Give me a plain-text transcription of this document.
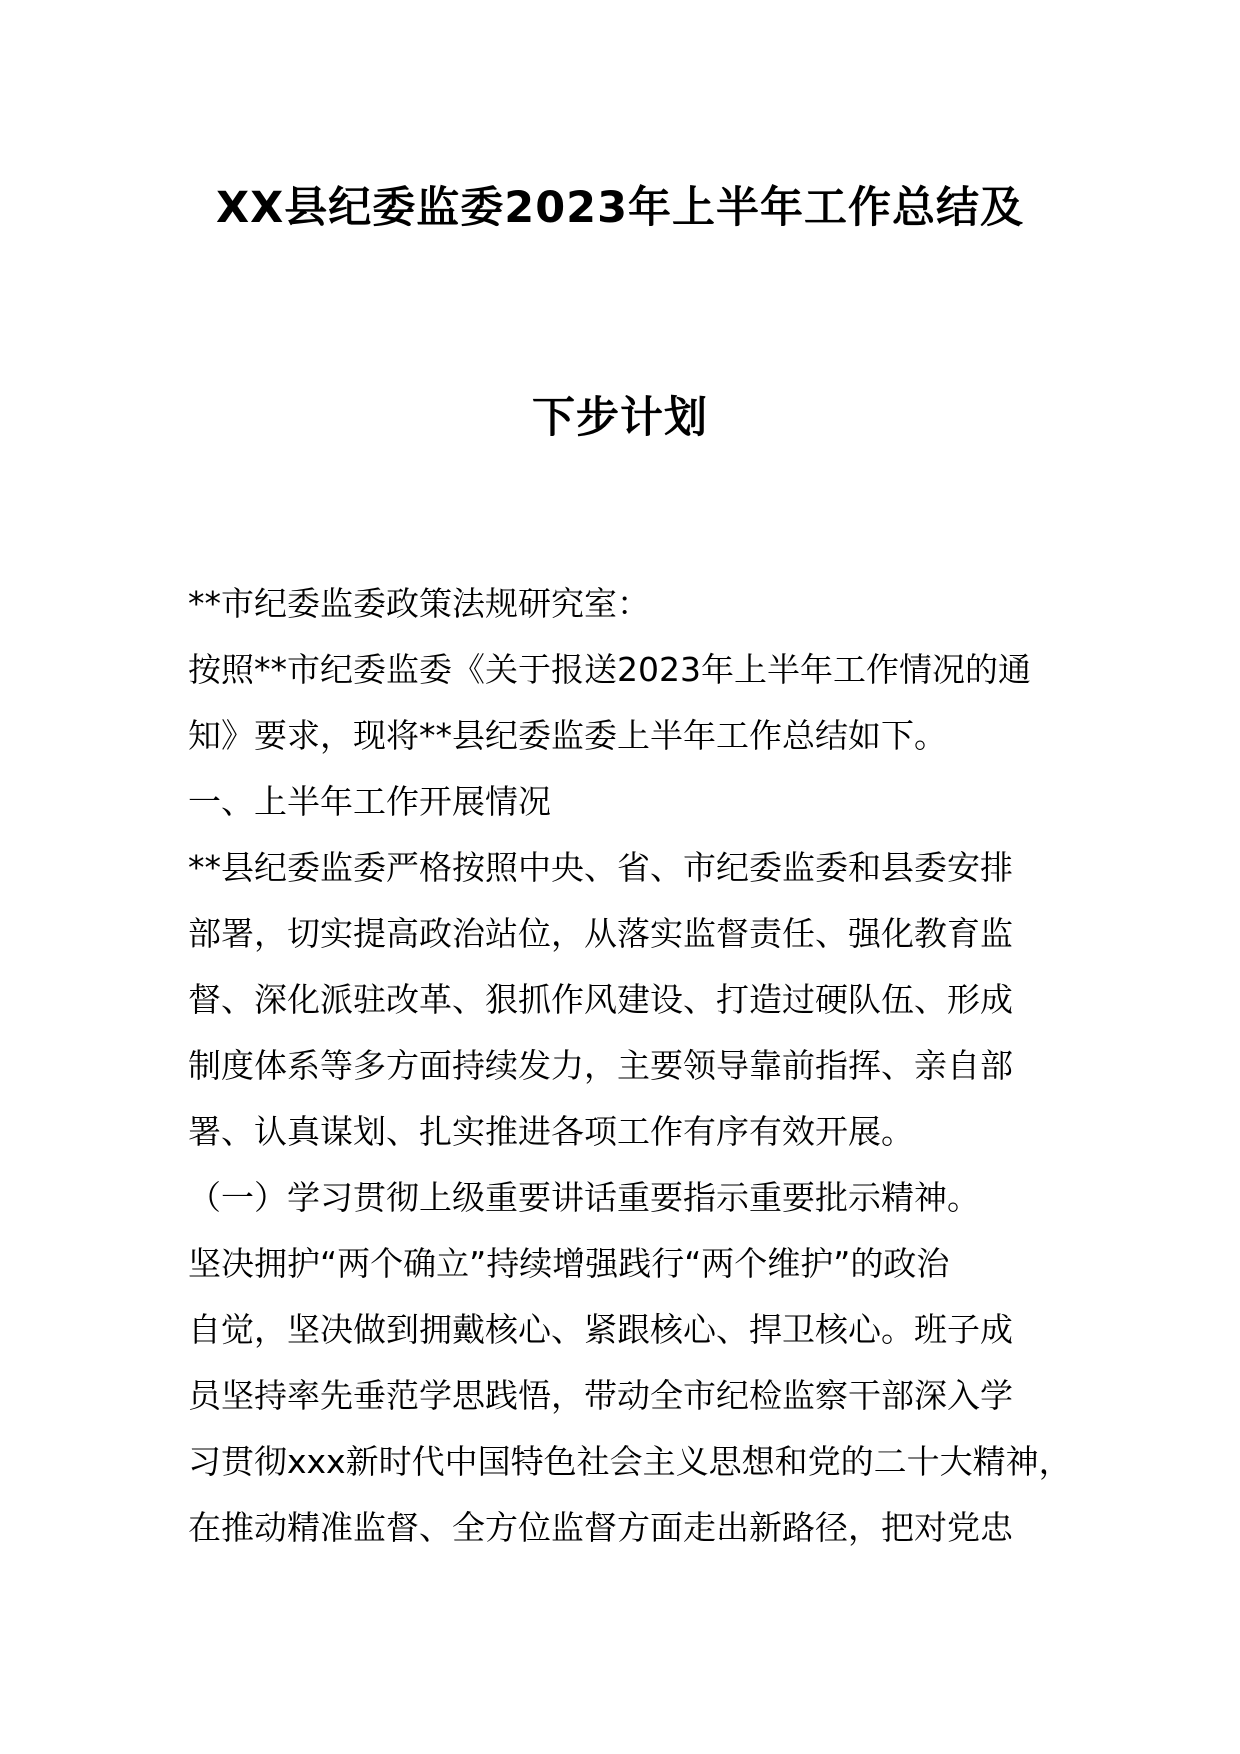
XX县纪委监委2023年上半年工作总结及
下步计划

**市纪委监委政策法规研究室：

按照**市纪委监委《关于报送2023年上半年工作情况的通

知》要求，现将**县纪委监委上半年工作总结如下。

一、上半年工作开展情况

**县纪委监委严格按照中央、省、市纪委监委和县委安排

部署，切实提高政治站位，从落实监督责任、强化教育监

督、深化派驻改革、狠抓作风建设、打造过硬队伍、形成

制度体系等多方面持续发力，主要领导靠前指挥、亲自部

署、认真谋划、扎实推进各项工作有序有效开展。

（一）学习贯彻上级重要讲话重要指示重要批示精神。

坚决拥护“两个确立”持续增强践行“两个维护”的政治

自觉，坚决做到拥戴核心、紧跟核心、捍卫核心。班子成

员坚持率先垂范学思践悟，带动全市纪检监察干部深入学

习贯彻xxx新时代中国特色社会主义思想和党的二十大精神，

在推动精准监督、全方位监督方面走出新路径，把对党忠
